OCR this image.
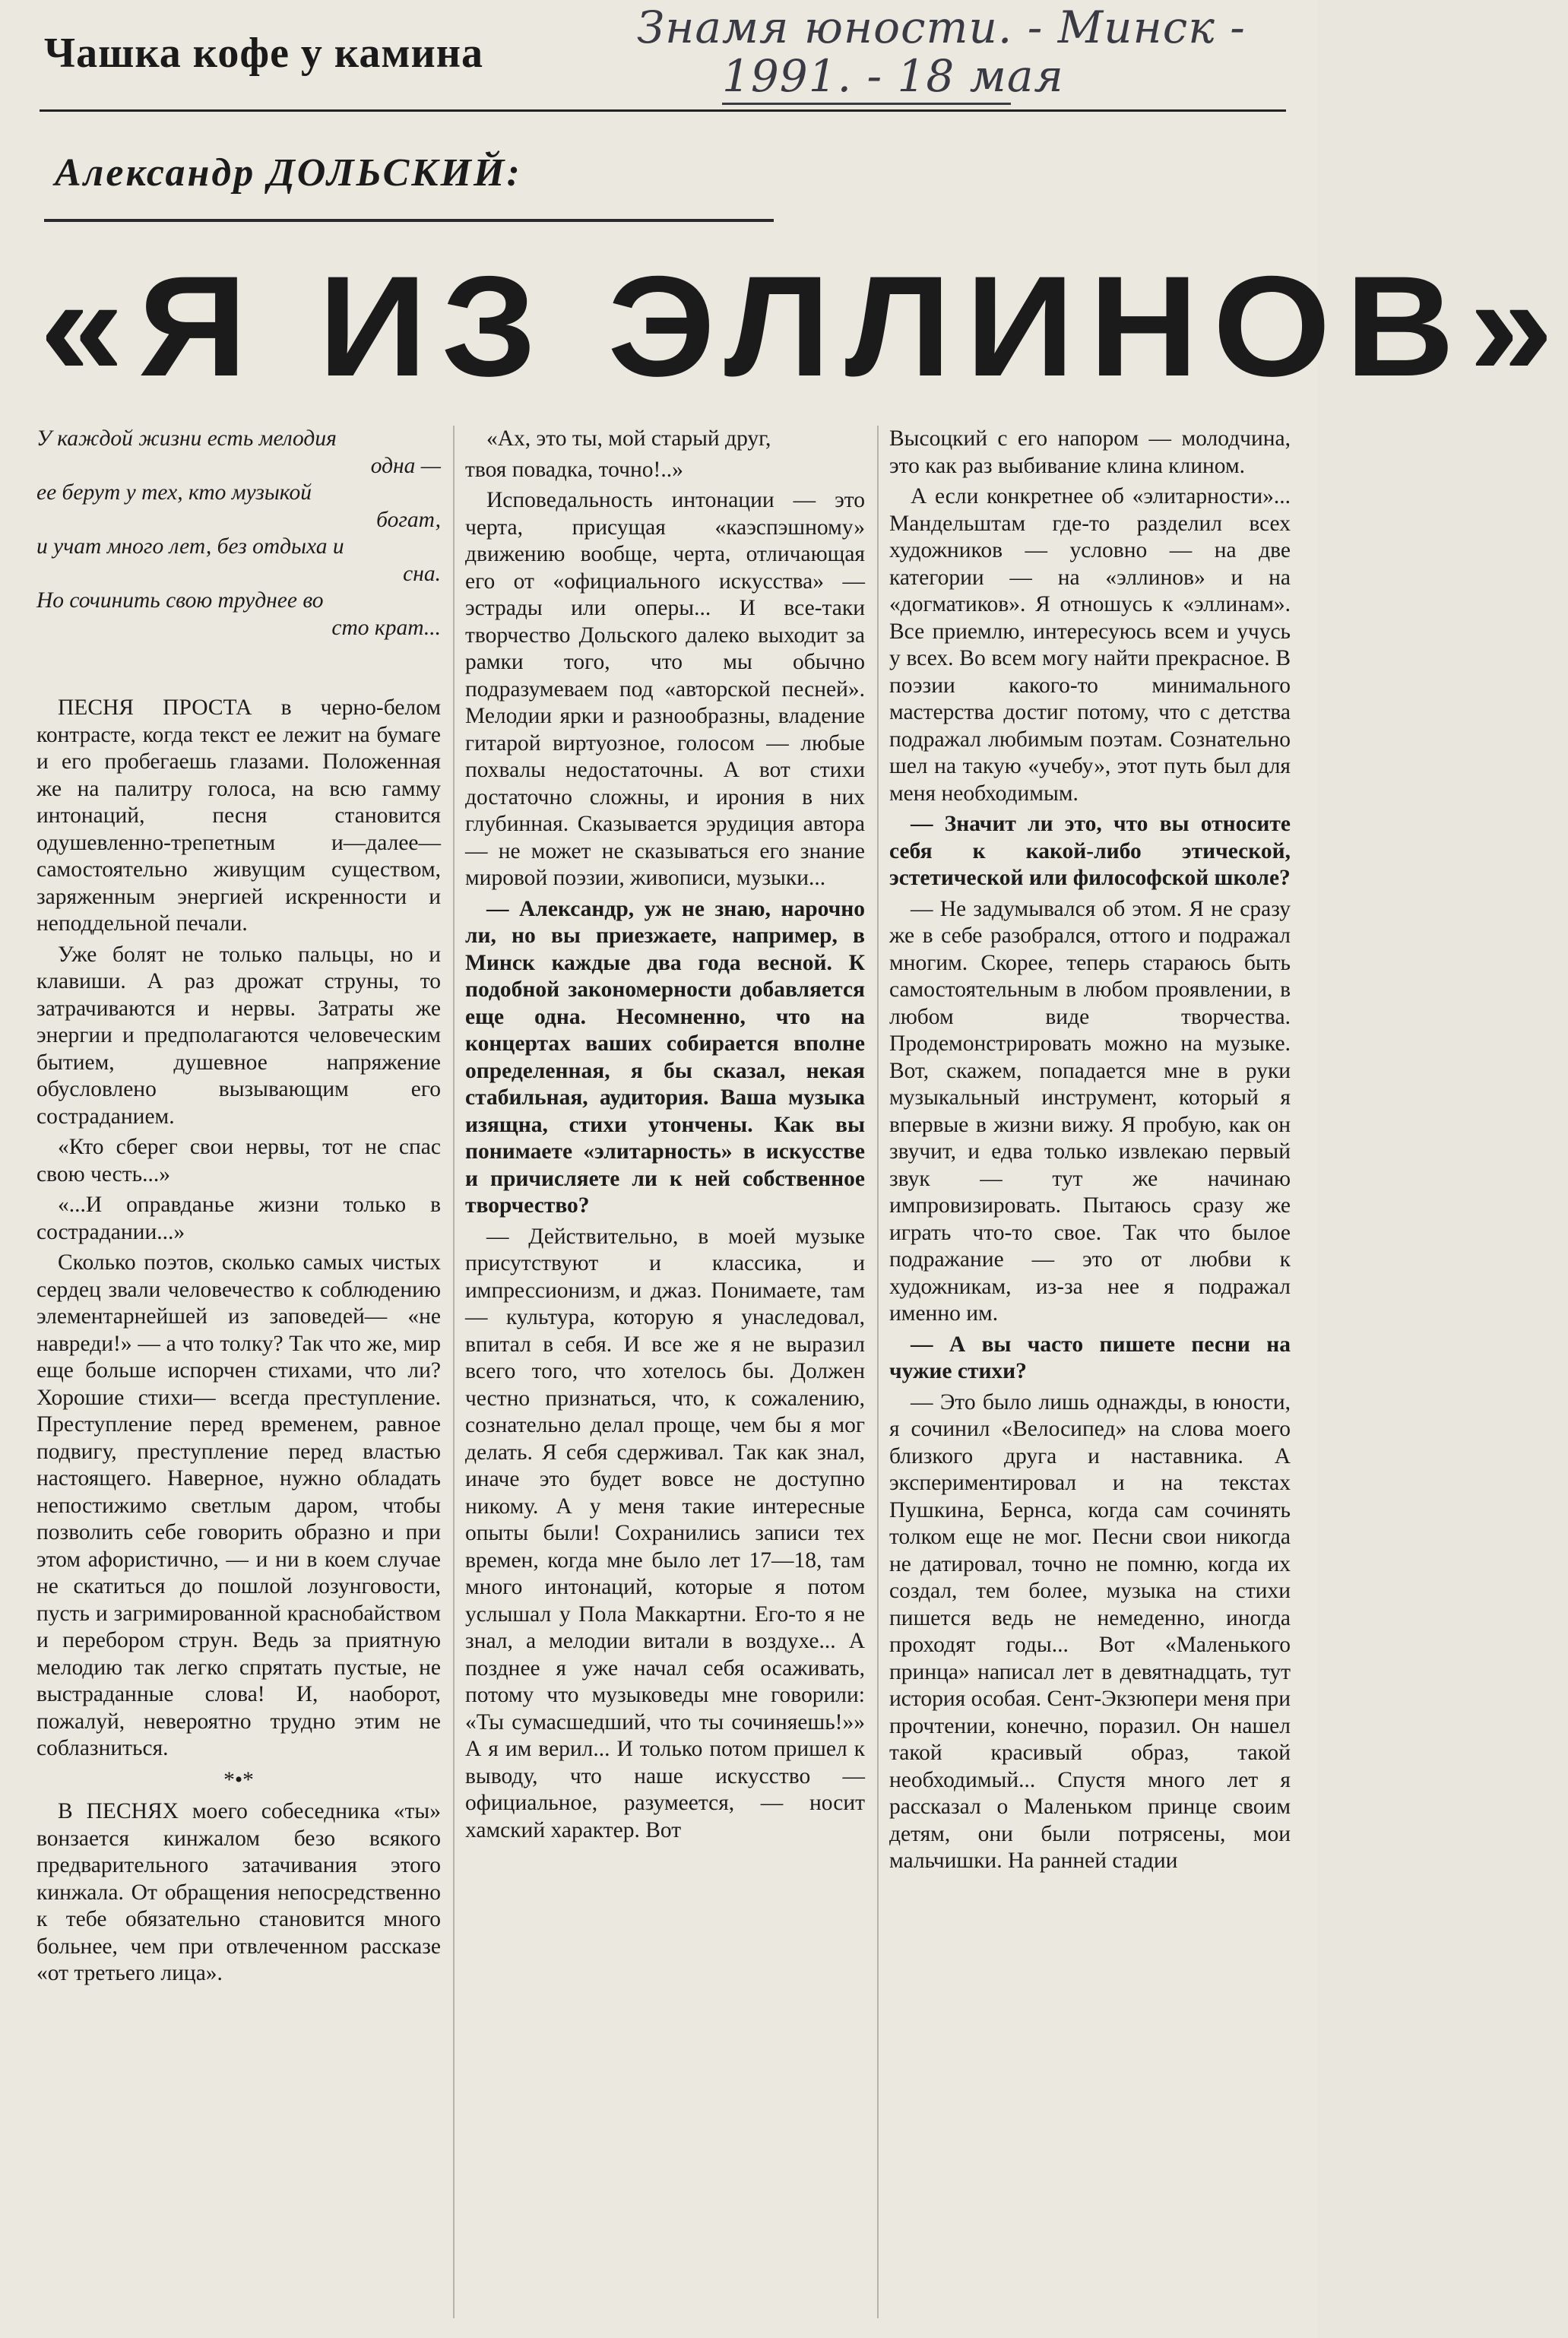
Чашка кофе у камина	Знамя юности. - Минск -
1991. - 18 мая
Александр ДОЛЬСКИЙ:
«Я ИЗ ЭЛЛИНОВ»
У каждой жизни есть мелодия
одна —
ее берут у тех, кто музыкой
богат,
и учат много лет, без отдыха и
сна.
Но сочинить свою труднее во
сто крат...

ПЕСНЯ ПРОСТА в черно-белом контрасте, когда текст ее лежит на бумаге и его пробегаешь глазами. Положенная же на палитру голоса, на всю гамму интонаций, песня становится одушевленно-трепетным и—далее— самостоятельно живущим существом, заряженным энергией искренности и неподдельной печали.

Уже болят не только пальцы, но и клавиши. А раз дрожат струны, то затрачиваются и нервы. Затраты же энергии и предполагаются человеческим бытием, душевное напряжение обусловлено вызывающим его состраданием.

«Кто сберег свои нервы, тот не спас свою честь...»

«...И оправданье жизни только в сострадании...»

Сколько поэтов, сколько самых чистых сердец звали человечество к соблюдению элементарнейшей из заповедей— «не навреди!» — а что толку? Так что же, мир еще больше испорчен стихами, что ли? Хорошие стихи— всегда преступление. Преступление перед временем, равное подвигу, преступление перед властью настоящего. Наверное, нужно обладать непостижимо светлым даром, чтобы позволить себе говорить образно и при этом афористично, — и ни в коем случае не скатиться до пошлой лозунговости, пусть и загримированной краснобайством и перебором струн. Ведь за приятную мелодию так легко спрятать пустые, не выстраданные слова! И, наоборот, пожалуй, невероятно трудно этим не соблазниться.

*•*

В ПЕСНЯХ моего собеседника «ты» вонзается кинжалом безо всякого предварительного затачивания этого кинжала. От обращения непосредственно к тебе обязательно становится много больнее, чем при отвлеченном рассказе «от третьего лица».

«Ах, это ты, мой старый друг,

твоя повадка, точно!..»

Исповедальность интонации — это черта, присущая «каэспэшному» движению вообще, черта, отличающая его от «официального искусства» — эстрады или оперы... И все-таки творчество Дольского далеко выходит за рамки того, что мы обычно подразумеваем под «авторской песней». Мелодии ярки и разнообразны, владение гитарой виртуозное, голосом — любые похвалы недостаточны. А вот стихи достаточно сложны, и ирония в них глубинная. Сказывается эрудиция автора — не может не сказываться его знание мировой поэзии, живописи, музыки...

— Александр, уж не знаю, нарочно ли, но вы приезжаете, например, в Минск каждые два года весной. К подобной закономерности добавляется еще одна. Несомненно, что на концертах ваших собирается вполне определенная, я бы сказал, некая стабильная, аудитория. Ваша музыка изящна, стихи утончены. Как вы понимаете «элитарность» в искусстве и причисляете ли к ней собственное творчество?

— Действительно, в моей музыке присутствуют и классика, и импрессионизм, и джаз. Понимаете, там — культура, которую я унаследовал, впитал в себя. И все же я не выразил всего того, что хотелось бы. Должен честно признаться, что, к сожалению, сознательно делал проще, чем бы я мог делать. Я себя сдерживал. Так как знал, иначе это будет вовсе не доступно никому. А у меня такие интересные опыты были! Сохранились записи тех времен, когда мне было лет 17—18, там много интонаций, которые я потом услышал у Пола Маккартни. Его-то я не знал, а мелодии витали в воздухе... А позднее я уже начал себя осаживать, потому что музыковеды мне говорили: «Ты сумасшедший, что ты сочиняешь!»» А я им верил... И только потом пришел к выводу, что наше искусство — официальное, разумеется, — носит хамский характер. Вот

Высоцкий с его напором — молодчина, это как раз выбивание клина клином.

А если конкретнее об «элитарности»... Мандельштам где-то разделил всех художников — условно — на две категории — на «эллинов» и на «догматиков». Я отношусь к «эллинам». Все приемлю, интересуюсь всем и учусь у всех. Во всем могу найти прекрасное. В поэзии какого-то минимального мастерства достиг потому, что с детства подражал любимым поэтам. Сознательно шел на такую «учебу», этот путь был для меня необходимым.

— Значит ли это, что вы относите себя к какой-либо этической, эстетической или философской школе?

— Не задумывался об этом. Я не сразу же в себе разобрался, оттого и подражал многим. Скорее, теперь стараюсь быть самостоятельным в любом проявлении, в любом виде творчества. Продемонстрировать можно на музыке. Вот, скажем, попадается мне в руки музыкальный инструмент, который я впервые в жизни вижу. Я пробую, как он звучит, и едва только извлекаю первый звук — тут же начинаю импровизировать. Пытаюсь сразу же играть что-то свое. Так что былое подражание — это от любви к художникам, из-за нее я подражал именно им.

— А вы часто пишете песни на чужие стихи?

— Это было лишь однажды, в юности, я сочинил «Велосипед» на слова моего близкого друга и наставника. А экспериментировал и на текстах Пушкина, Бернса, когда сам сочинять толком еще не мог. Песни свои никогда не датировал, точно не помню, когда их создал, тем более, музыка на стихи пишется ведь не немеденно, иногда проходят годы... Вот «Маленького принца» написал лет в девятнадцать, тут история особая. Сент-Экзюпери меня при прочтении, конечно, поразил. Он нашел такой красивый образ, такой необходимый... Спустя много лет я рассказал о Маленьком принце своим детям, они были потрясены, мои мальчишки. На ранней стадии
